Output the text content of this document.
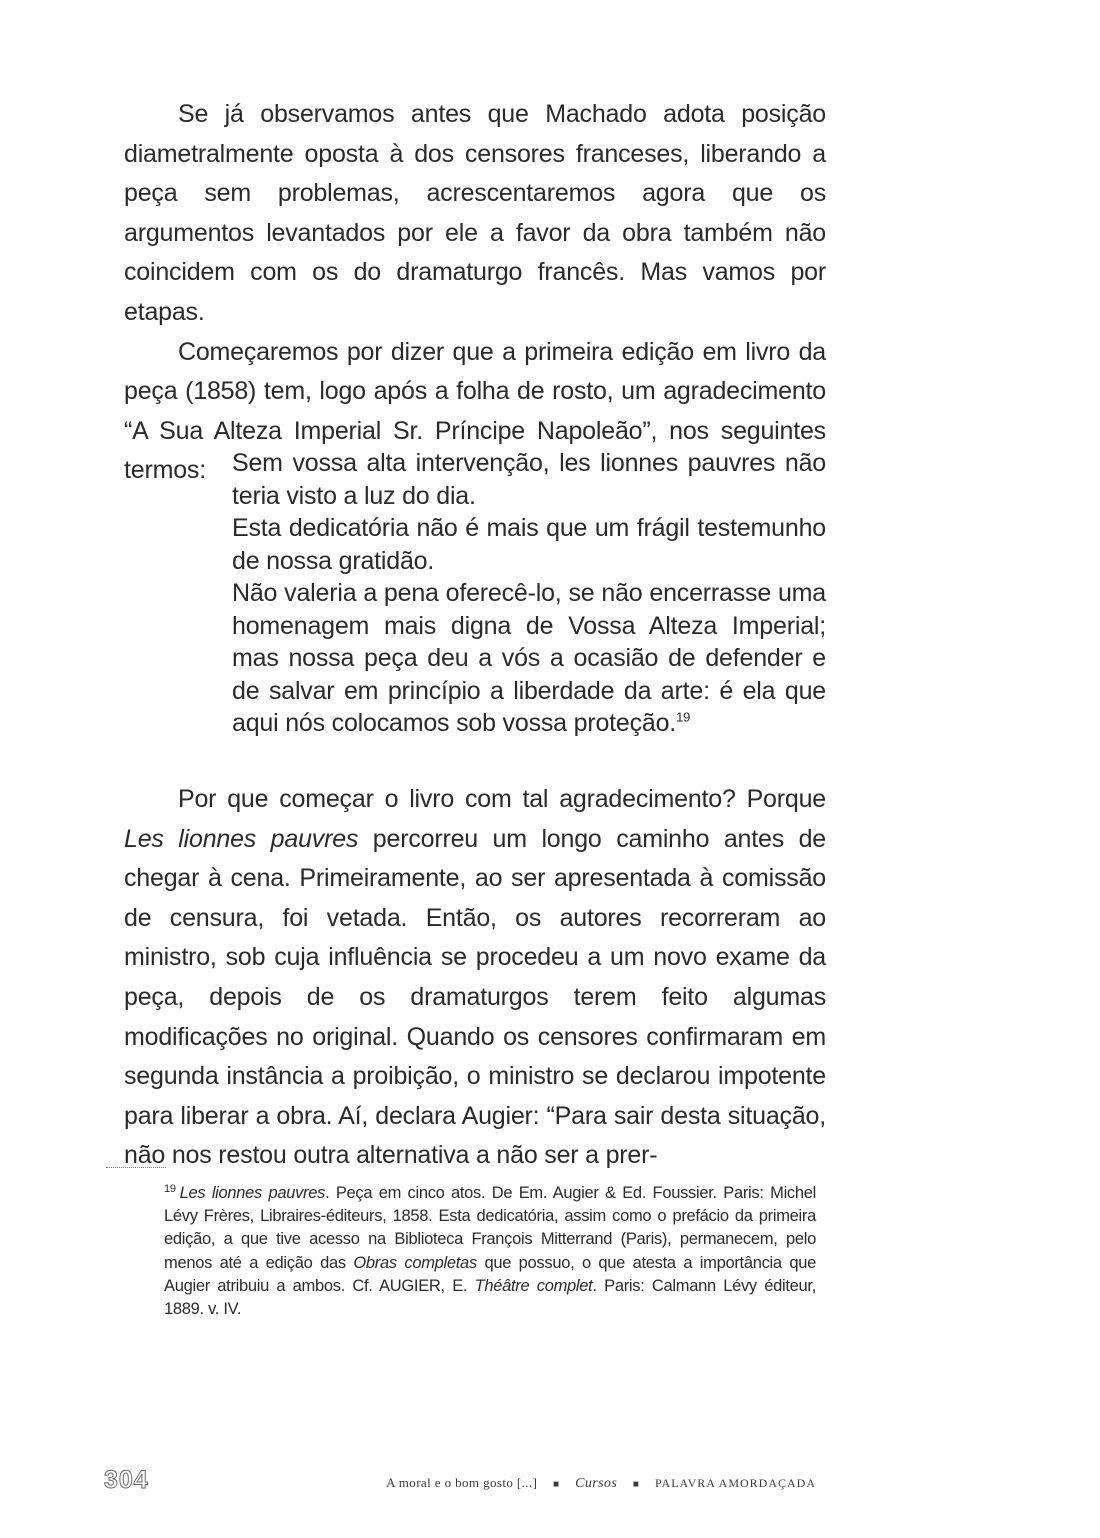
Se já observamos antes que Machado adota posição diametralmente oposta à dos censores franceses, liberando a peça sem problemas, acrescentaremos agora que os argumentos levantados por ele a favor da obra também não coincidem com os do dramaturgo francês. Mas vamos por etapas.

Começaremos por dizer que a primeira edição em livro da peça (1858) tem, logo após a folha de rosto, um agradecimento “A Sua Alteza Imperial Sr. Príncipe Napoleão”, nos seguintes termos:	Sem vossa alta intervenção, les lionnes pauvres não teria visto a luz do dia.

Esta dedicatória não é mais que um frágil testemunho de nossa gratidão.

Não valeria a pena oferecê-lo, se não encerrasse uma homenagem mais digna de Vossa Alteza Imperial; mas nossa peça deu a vós a ocasião de defender e de salvar em princípio a liberdade da arte: é ela que aqui nós colocamos sob vossa proteção.$^{19}$

Por que começar o livro com tal agradecimento? Porque Les lionnes pauvres percorreu um longo caminho antes de chegar à cena. Primeiramente, ao ser apresentada à comissão de censura, foi vetada. Então, os autores recorreram ao ministro, sob cuja influência se procedeu a um novo exame da peça, depois de os dramaturgos terem feito algumas modificações no original. Quando os censores confirmaram em segunda instância a proibição, o ministro se declarou impotente para liberar a obra. Aí, declara Augier: “Para sair desta situação, não nos restou outra alternativa a não ser a prer-

$^{19}$ Les lionnes pauvres. Peça em cinco atos. De Em. Augier & Ed. Foussier. Paris: Michel Lévy Frères, Libraires-éditeurs, 1858. Esta dedicatória, assim como o prefácio da primeira edição, a que tive acesso na Biblioteca François Mitterrand (Paris), permanecem, pelo menos até a edição das Obras completas que possuo, o que atesta a importância que Augier atribuiu a ambos. Cf. AUGIER, E. Théâtre complet. Paris: Calmann Lévy éditeur, 1889. v. IV.
304	A moral e o bom gosto [...] ■ Cursos ■ PALAVRA AMORDAÇADA
